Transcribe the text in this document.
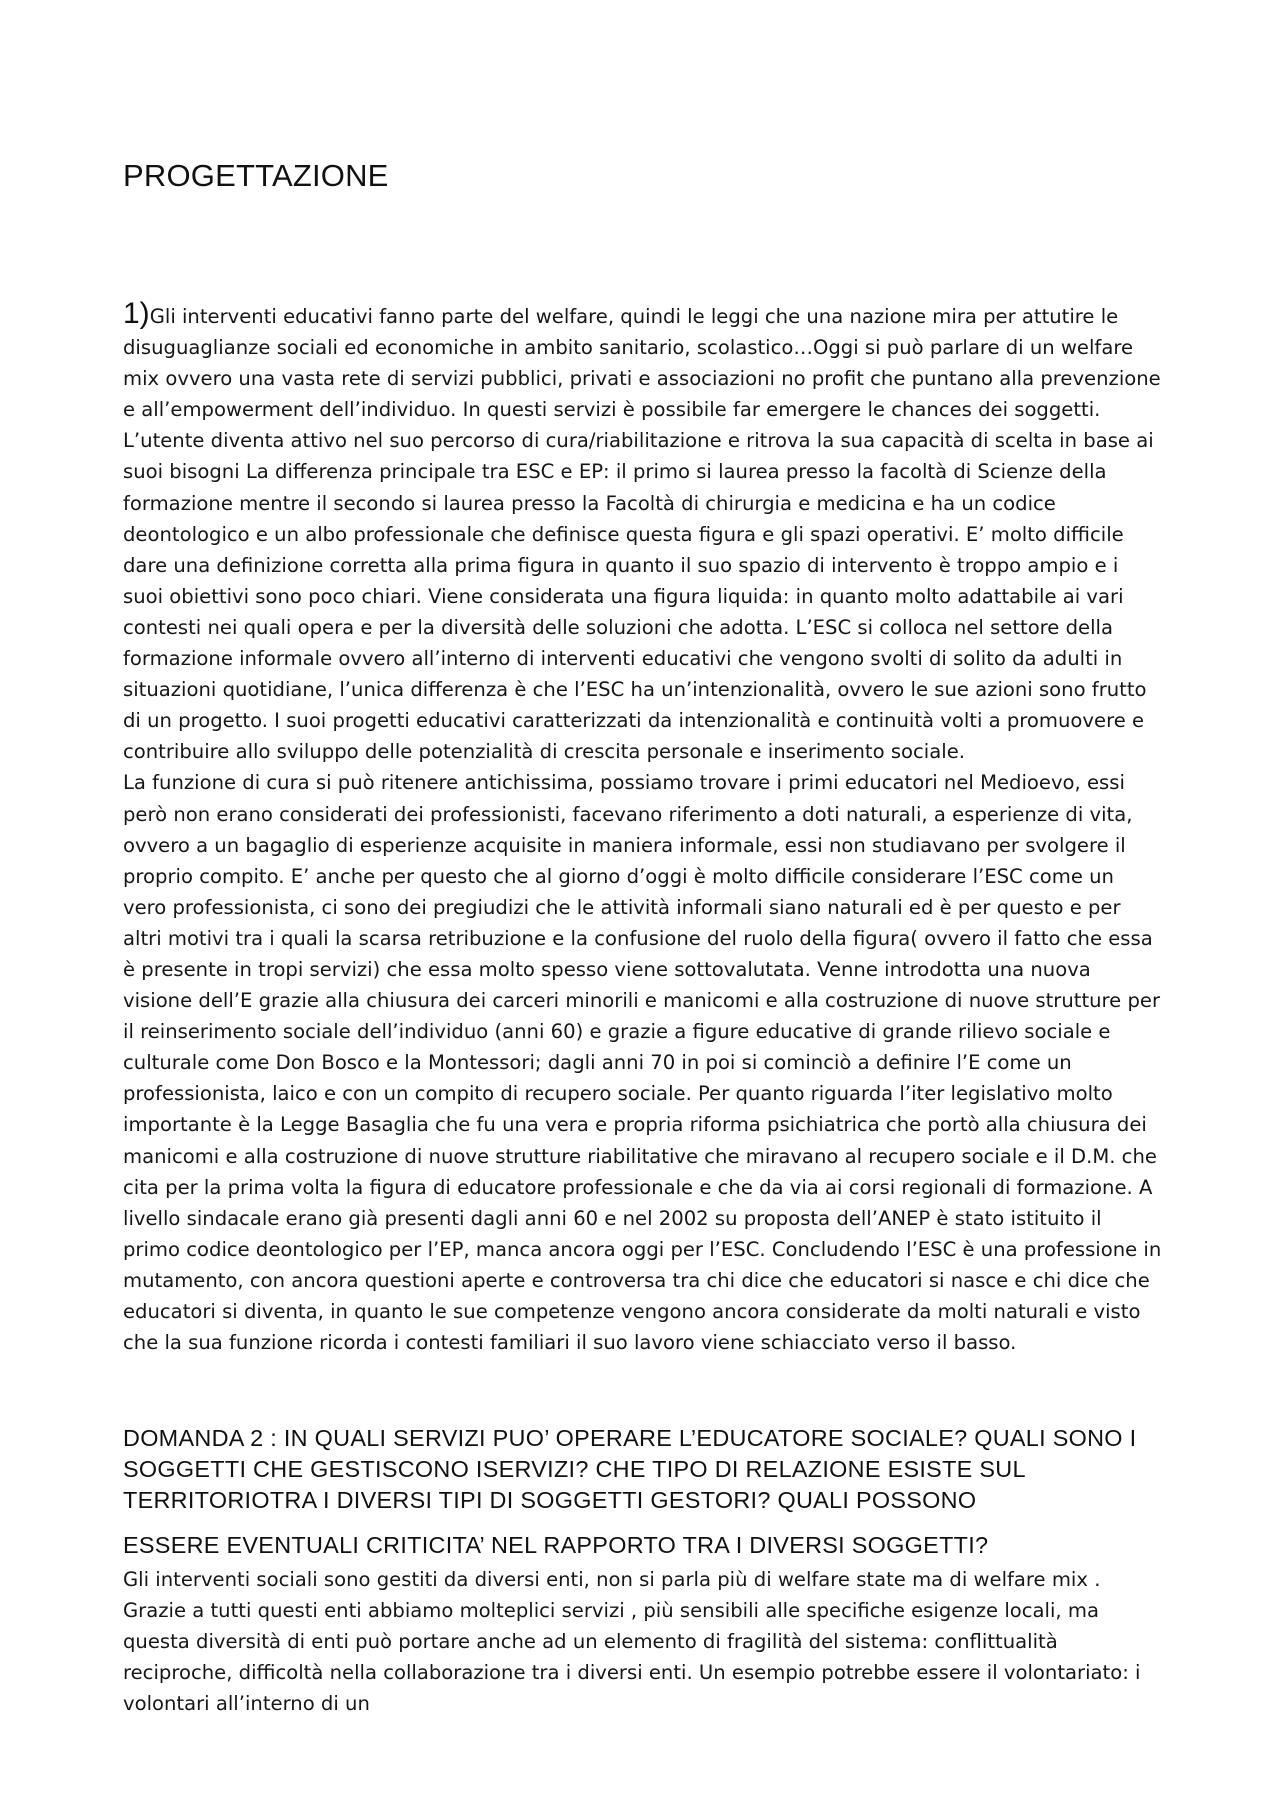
PROGETTAZIONE

1)Gli interventi educativi fanno parte del welfare, quindi le leggi che una nazione mira per attutire le disuguaglianze sociali ed economiche in ambito sanitario, scolastico…Oggi si può parlare di un welfare mix ovvero una vasta rete di servizi pubblici, privati e associazioni no profit che puntano alla prevenzione e all’empowerment dell’individuo. In questi servizi è possibile far emergere le chances dei soggetti. L’utente diventa attivo nel suo percorso di cura/riabilitazione e ritrova la sua capacità di scelta in base ai suoi bisogni La differenza principale tra ESC e EP: il primo si laurea presso la facoltà di Scienze della formazione mentre il secondo si laurea presso la Facoltà di chirurgia e medicina e ha un codice deontologico e un albo professionale che definisce questa figura e gli spazi operativi. E’ molto difficile dare una definizione corretta alla prima figura in quanto il suo spazio di intervento è troppo ampio e i suoi obiettivi sono poco chiari. Viene considerata una figura liquida: in quanto molto adattabile ai vari contesti nei quali opera e per la diversità delle soluzioni che adotta. L’ESC si colloca nel settore della formazione informale ovvero all’interno di interventi educativi che vengono svolti di solito da adulti in situazioni quotidiane, l’unica differenza è che l’ESC ha un’intenzionalità, ovvero le sue azioni sono frutto di un progetto. I suoi progetti educativi caratterizzati da intenzionalità e continuità volti a promuovere e contribuire allo sviluppo delle potenzialità di crescita personale e inserimento sociale.

La funzione di cura si può ritenere antichissima, possiamo trovare i primi educatori nel Medioevo, essi però non erano considerati dei professionisti, facevano riferimento a doti naturali, a esperienze di vita, ovvero a un bagaglio di esperienze acquisite in maniera informale, essi non studiavano per svolgere il proprio compito. E’ anche per questo che al giorno d’oggi è molto difficile considerare l’ESC come un vero professionista, ci sono dei pregiudizi che le attività informali siano naturali ed è per questo e per altri motivi tra i quali la scarsa retribuzione e la confusione del ruolo della figura( ovvero il fatto che essa è presente in tropi servizi) che essa molto spesso viene sottovalutata. Venne introdotta una nuova visione dell’E grazie alla chiusura dei carceri minorili e manicomi e alla costruzione di nuove strutture per il reinserimento sociale dell’individuo (anni 60) e grazie a figure educative di grande rilievo sociale e culturale come Don Bosco e la Montessori; dagli anni 70 in poi si cominciò a definire l’E come un professionista, laico e con un compito di recupero sociale. Per quanto riguarda l’iter legislativo molto importante è la Legge Basaglia che fu una vera e propria riforma psichiatrica che portò alla chiusura dei manicomi e alla costruzione di nuove strutture riabilitative che miravano al recupero sociale e il D.M. che cita per la prima volta la figura di educatore professionale e che da via ai corsi regionali di formazione. A livello sindacale erano già presenti dagli anni 60 e nel 2002 su proposta dell’ANEP è stato istituito il primo codice deontologico per l’EP, manca ancora oggi per l’ESC. Concludendo l’ESC è una professione in mutamento, con ancora questioni aperte e controversa tra chi dice che educatori si nasce e chi dice che educatori si diventa, in quanto le sue competenze vengono ancora considerate da molti naturali e visto che la sua funzione ricorda i contesti familiari il suo lavoro viene schiacciato verso il basso.

DOMANDA 2 : IN QUALI SERVIZI PUO’ OPERARE L’EDUCATORE SOCIALE? QUALI SONO I SOGGETTI CHE GESTISCONO ISERVIZI? CHE TIPO DI RELAZIONE ESISTE SUL TERRITORIOTRA I DIVERSI TIPI DI SOGGETTI GESTORI? QUALI POSSONO
ESSERE EVENTUALI CRITICITA’ NEL RAPPORTO TRA I DIVERSI SOGGETTI?

Gli interventi sociali sono gestiti da diversi enti, non si parla più di welfare state ma di welfare mix . Grazie a tutti questi enti abbiamo molteplici servizi , più sensibili alle specifiche esigenze locali, ma questa diversità di enti può portare anche ad un elemento di fragilità del sistema: conflittualità reciproche, difficoltà nella collaborazione tra i diversi enti. Un esempio potrebbe essere il volontariato: i volontari all’interno di un
